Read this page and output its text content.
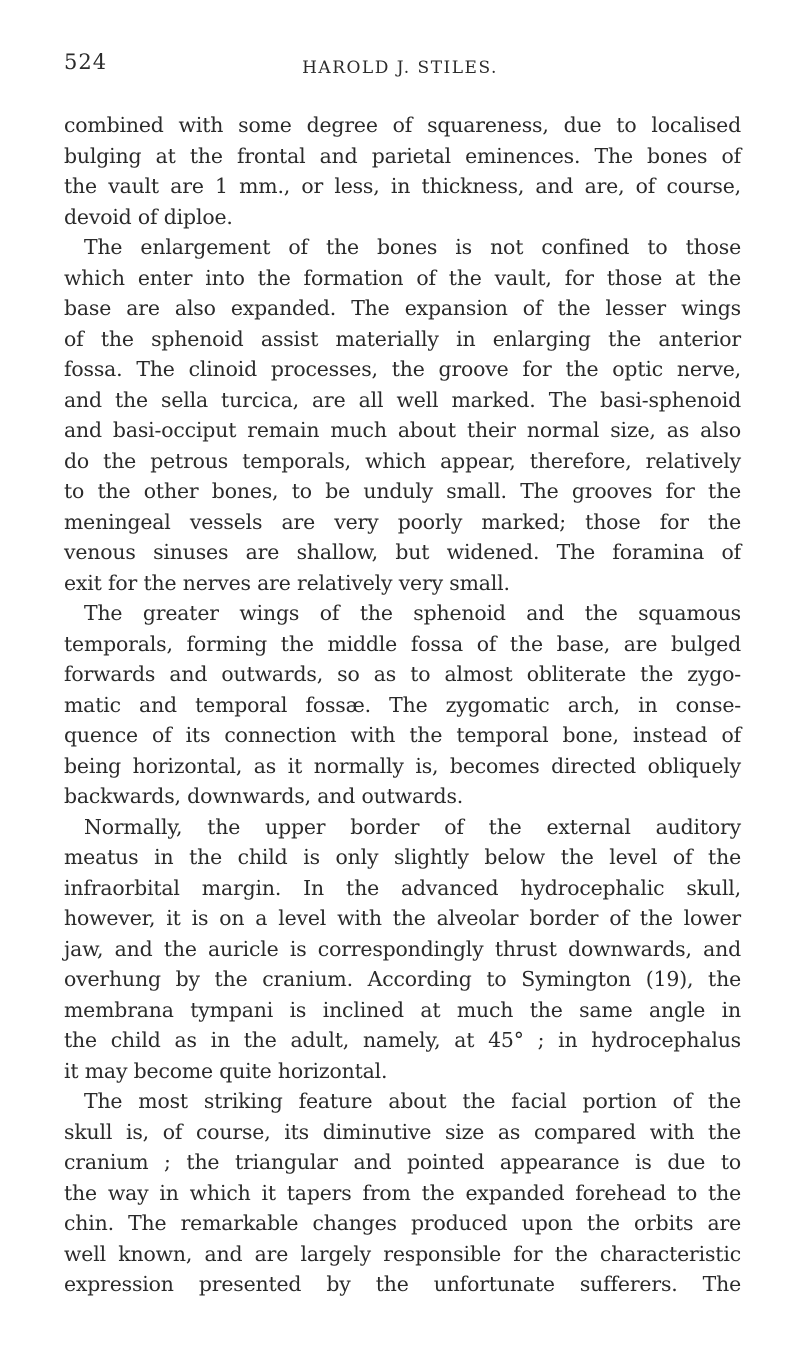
524	HAROLD J. STILES.
combined with some degree of squareness, due to localised
bulging at the frontal and parietal eminences. The bones of
the vault are 1 mm., or less, in thickness, and are, of course,
devoid of diploe.
The enlargement of the bones is not confined to those
which enter into the formation of the vault, for those at the
base are also expanded. The expansion of the lesser wings
of the sphenoid assist materially in enlarging the anterior
fossa. The clinoid processes, the groove for the optic nerve,
and the sella turcica, are all well marked. The basi-sphenoid
and basi-occiput remain much about their normal size, as also
do the petrous temporals, which appear, therefore, relatively
to the other bones, to be unduly small. The grooves for the
meningeal vessels are very poorly marked; those for the
venous sinuses are shallow, but widened. The foramina of
exit for the nerves are relatively very small.
The greater wings of the sphenoid and the squamous
temporals, forming the middle fossa of the base, are bulged
forwards and outwards, so as to almost obliterate the zygo-
matic and temporal fossæ. The zygomatic arch, in conse-
quence of its connection with the temporal bone, instead of
being horizontal, as it normally is, becomes directed obliquely
backwards, downwards, and outwards.
Normally, the upper border of the external auditory
meatus in the child is only slightly below the level of the
infraorbital margin. In the advanced hydrocephalic skull,
however, it is on a level with the alveolar border of the lower
jaw, and the auricle is correspondingly thrust downwards, and
overhung by the cranium. According to Symington (19), the
membrana tympani is inclined at much the same angle in
the child as in the adult, namely, at 45° ; in hydrocephalus
it may become quite horizontal.
The most striking feature about the facial portion of the
skull is, of course, its diminutive size as compared with the
cranium ; the triangular and pointed appearance is due to
the way in which it tapers from the expanded forehead to the
chin. The remarkable changes produced upon the orbits are
well known, and are largely responsible for the characteristic
expression presented by the unfortunate sufferers. The
